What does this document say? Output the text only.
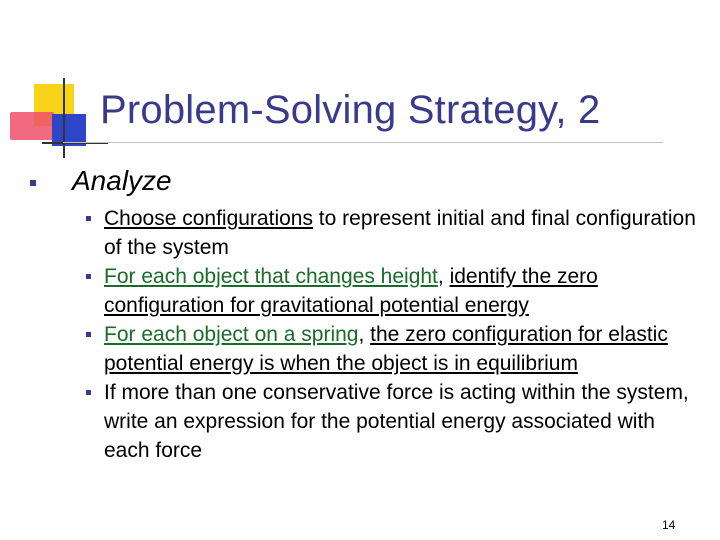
Problem-Solving Strategy, 2
Analyze
Choose configurations to represent initial and final configuration of the system
For each object that changes height, identify the zero configuration for gravitational potential energy
For each object on a spring, the zero configuration for elastic potential energy is when the object is in equilibrium
If more than one conservative force is acting within the system, write an expression for the potential energy associated with each force
14
